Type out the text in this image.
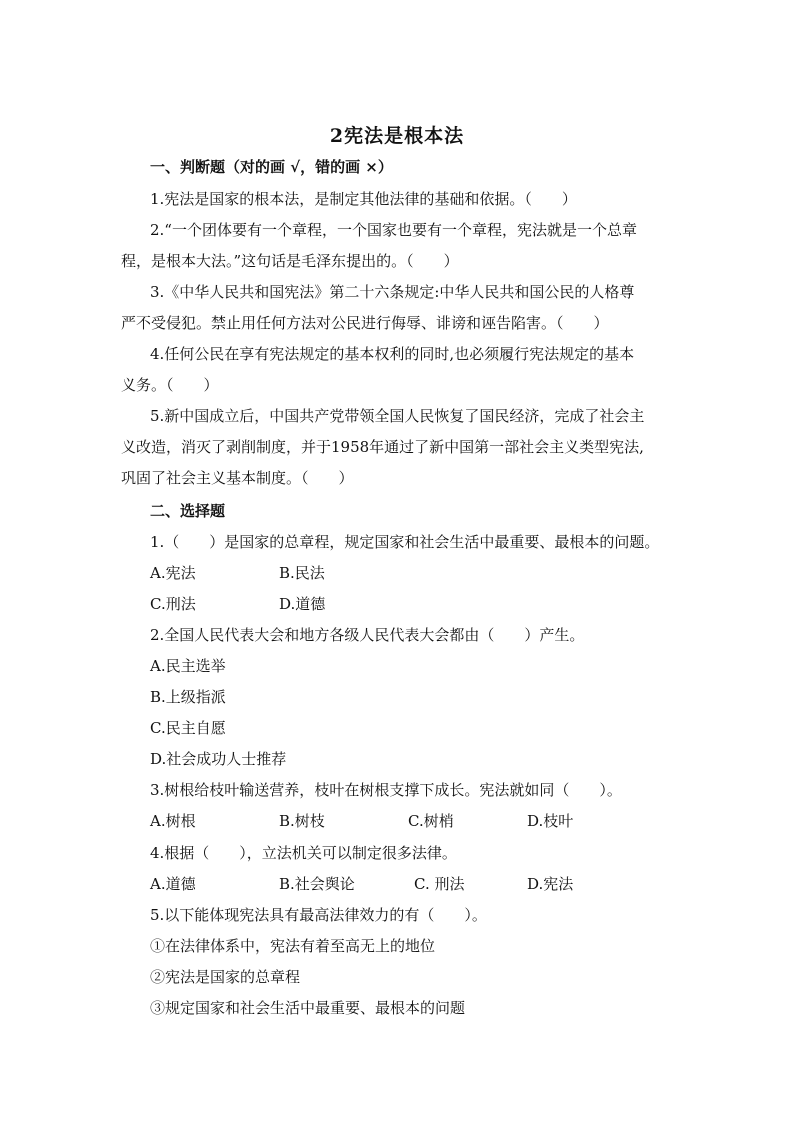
2宪法是根本法
一、判断题（对的画 √，错的画 ×）
1.宪法是国家的根本法，是制定其他法律的基础和依据。（　　）
2.“一个团体要有一个章程，一个国家也要有一个章程，宪法就是一个总章
程，是根本大法。”这句话是毛泽东提出的。（　　）
3.《中华人民共和国宪法》第二十六条规定:中华人民共和国公民的人格尊
严不受侵犯。禁止用任何方法对公民进行侮辱、诽谤和诬告陷害。（　　）
4.任何公民在享有宪法规定的基本权利的同时,也必须履行宪法规定的基本
义务。（　　）
5.新中国成立后，中国共产党带领全国人民恢复了国民经济，完成了社会主
义改造，消灭了剥削制度，并于1958年通过了新中国第一部社会主义类型宪法,
巩固了社会主义基本制度。（　　）
二、选择题
1.（　　）是国家的总章程，规定国家和社会生活中最重要、最根本的问题。
A.宪法	B.民法
C.刑法	D.道德
2.全国人民代表大会和地方各级人民代表大会都由（　　）产生。
A.民主选举
B.上级指派
C.民主自愿
D.社会成功人士推荐
3.树根给枝叶输送营养，枝叶在树根支撑下成长。宪法就如同（　　）。
A.树根	B.树枝	C.树梢	D.枝叶
4.根据（　　），立法机关可以制定很多法律。
A.道德	B.社会舆论	C. 刑法	D.宪法
5.以下能体现宪法具有最高法律效力的有（　　）。
①在法律体系中，宪法有着至高无上的地位
②宪法是国家的总章程
③规定国家和社会生活中最重要、最根本的问题
